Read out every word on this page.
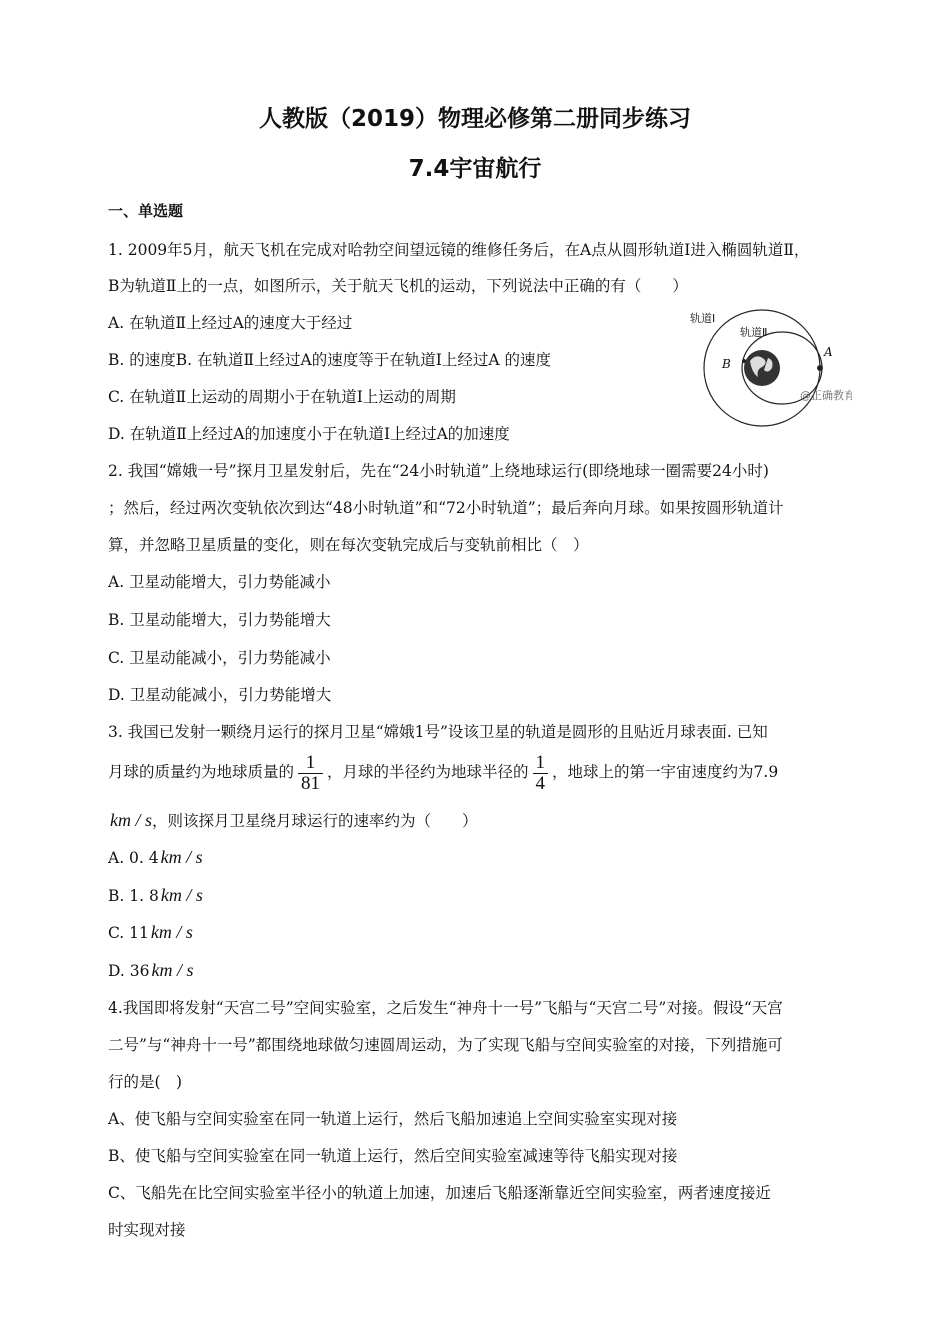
人教版（2019）物理必修第二册同步练习
7.4宇宙航行
一、单选题
1. 2009年5月，航天飞机在完成对哈勃空间望远镜的维修任务后，在A点从圆形轨道Ⅰ进入椭圆轨道Ⅱ，
B为轨道Ⅱ上的一点，如图所示，关于航天飞机的运动，下列说法中正确的有（　　）
A. 在轨道Ⅱ上经过A的速度大于经过
B. 的速度B. 在轨道Ⅱ上经过A的速度等于在轨道Ⅰ上经过A 的速度
C. 在轨道Ⅱ上运动的周期小于在轨道Ⅰ上运动的周期
D. 在轨道Ⅱ上经过A的加速度小于在轨道Ⅰ上经过A的加速度
轨道Ⅰ
轨道Ⅱ
A
B
@正确教育
2. 我国“嫦娥一号”探月卫星发射后，先在“24小时轨道”上绕地球运行(即绕地球一圈需要24小时)
；然后，经过两次变轨依次到达“48小时轨道”和“72小时轨道”；最后奔向月球。如果按圆形轨道计
算，并忽略卫星质量的变化，则在每次变轨完成后与变轨前相比（　）
A. 卫星动能增大，引力势能减小
B. 卫星动能增大，引力势能增大
C. 卫星动能减小，引力势能减小
D. 卫星动能减小，引力势能增大
3. 我国已发射一颗绕月运行的探月卫星“嫦娥1号”设该卫星的轨道是圆形的且贴近月球表面. 已知
月球的质量约为地球质量的 $\frac{1}{81}$ ，月球的半径约为地球半径的 $\frac{1}{4}$ ，地球上的第一宇宙速度约为7.9
km / s，则该探月卫星绕月球运行的速率约为（　　）
A. 0. 4 km / s
B. 1. 8 km / s
C. 11 km / s
D. 36 km / s
4.我国即将发射“天宫二号”空间实验室，之后发生“神舟十一号”飞船与“天宫二号”对接。假设“天宫
二号”与“神舟十一号”都围绕地球做匀速圆周运动，为了实现飞船与空间实验室的对接，下列措施可
行的是(　)
A、使飞船与空间实验室在同一轨道上运行，然后飞船加速追上空间实验室实现对接
B、使飞船与空间实验室在同一轨道上运行，然后空间实验室减速等待飞船实现对接
C、飞船先在比空间实验室半径小的轨道上加速，加速后飞船逐渐靠近空间实验室，两者速度接近
时实现对接
